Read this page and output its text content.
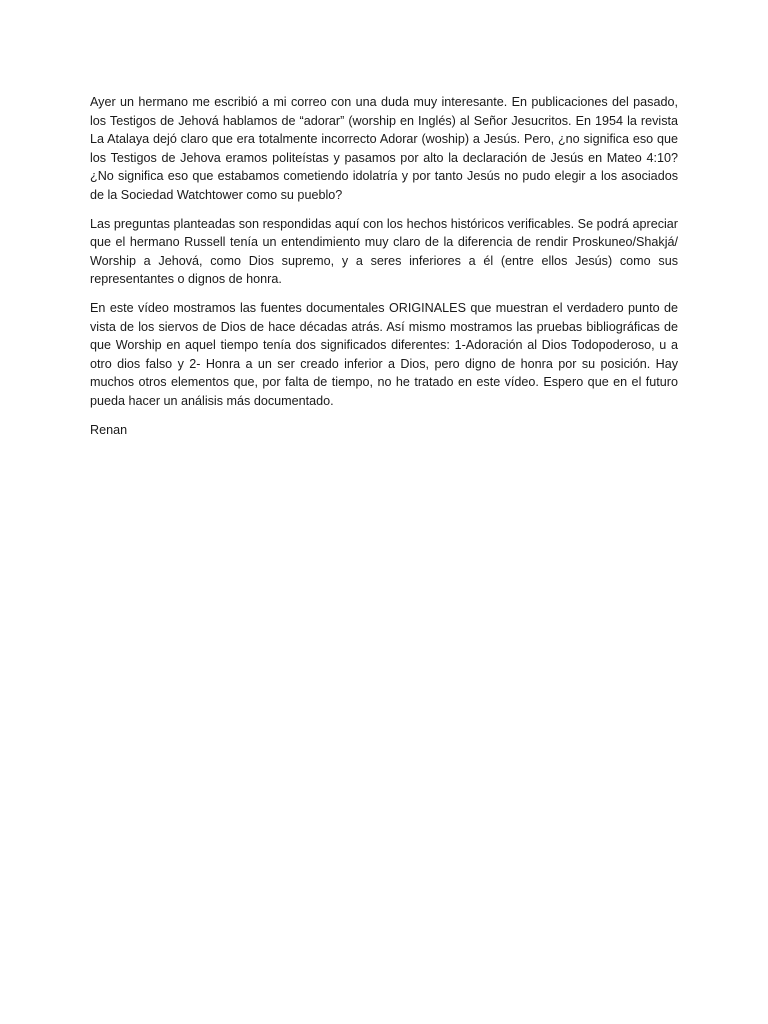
Ayer un hermano me escribió a mi correo con una duda muy interesante. En publicaciones del pasado, los Testigos de Jehová hablamos de “adorar” (worship en Inglés) al Señor Jesucritos. En 1954 la revista La Atalaya dejó claro que era totalmente incorrecto Adorar (woship) a Jesús. Pero, ¿no significa eso que los Testigos de Jehova eramos politeístas y pasamos por alto la declaración de Jesús en Mateo 4:10? ¿No significa eso que estabamos cometiendo idolatría y por tanto Jesús no pudo elegir a los asociados de la Sociedad Watchtower como su pueblo?

Las preguntas planteadas son respondidas aquí con los hechos históricos verificables. Se podrá apreciar que el hermano Russell tenía un entendimiento muy claro de la diferencia de rendir Proskuneo/Shakjá/ Worship a Jehová, como Dios supremo, y a seres inferiores a él (entre ellos Jesús) como sus representantes o dignos de honra.

En este vídeo mostramos las fuentes documentales ORIGINALES que muestran el verdadero punto de vista de los siervos de Dios de hace décadas atrás. Así mismo mostramos las pruebas bibliográficas de que Worship en aquel tiempo tenía dos significados diferentes: 1-Adoración al Dios Todopoderoso, u a otro dios falso y 2- Honra a un ser creado inferior a Dios, pero digno de honra por su posición. Hay muchos otros elementos que, por falta de tiempo, no he tratado en este vídeo. Espero que en el futuro pueda hacer un análisis más documentado.

Renan
